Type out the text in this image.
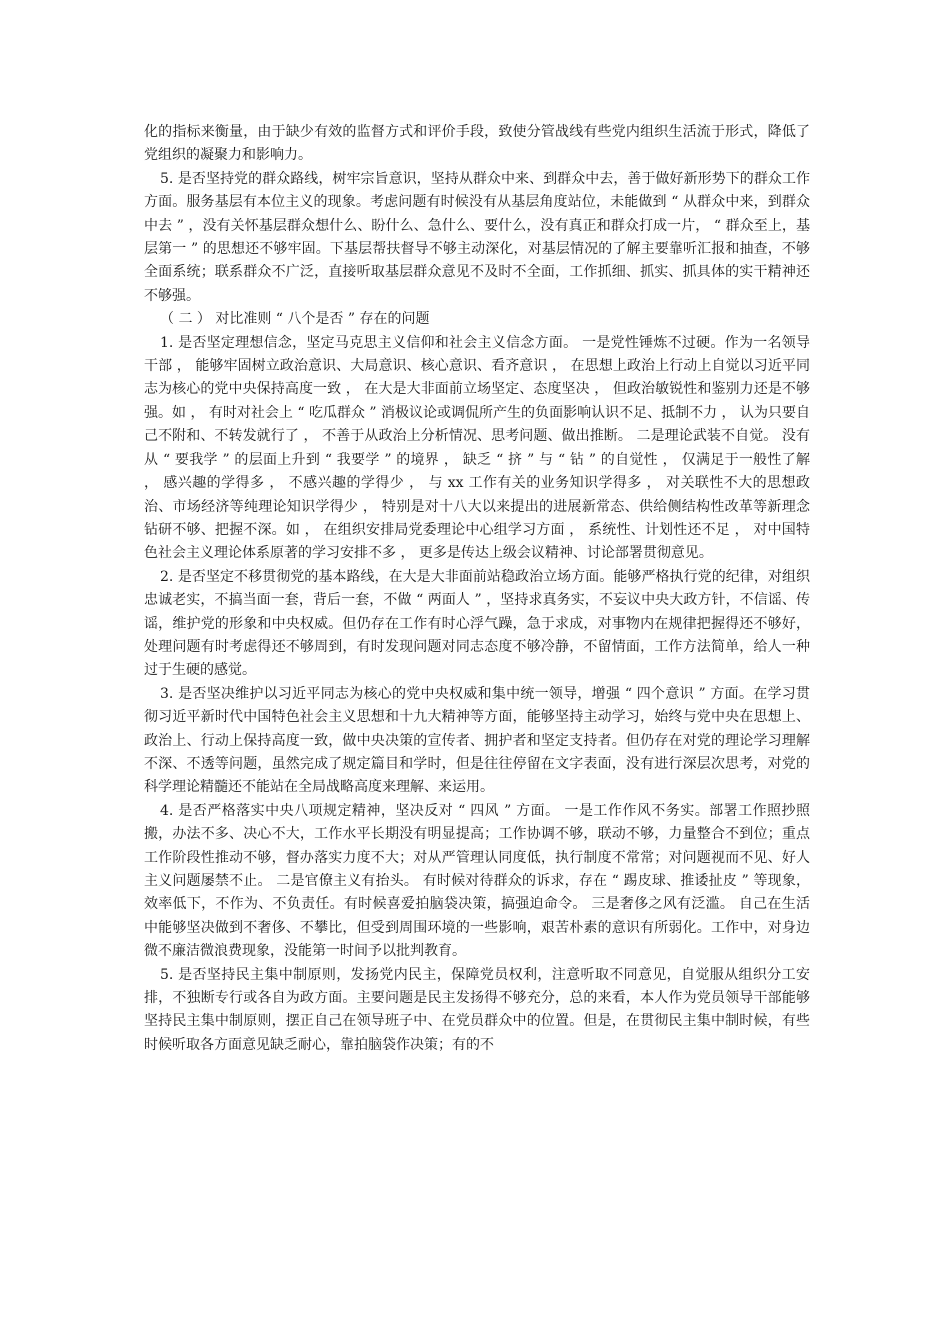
化的指标来衡量，由于缺少有效的监督方式和评价手段，致使分管战线有些党内组织生活流于形式，降低了党组织的凝聚力和影响力。

5. 是否坚持党的群众路线，树牢宗旨意识，坚持从群众中来、到群众中去，善于做好新形势下的群众工作方面。服务基层有本位主义的现象。考虑问题有时候没有从基层角度站位，未能做到 “ 从群众中来，到群众中去 ” ，没有关怀基层群众想什么、盼什么、急什么、要什么，没有真正和群众打成一片， “ 群众至上，基层第一 ” 的思想还不够牢固。下基层帮扶督导不够主动深化，对基层情况的了解主要靠听汇报和抽查，不够全面系统；联系群众不广泛，直接听取基层群众意见不及时不全面，工作抓细、抓实、抓具体的实干精神还不够强。

（ 二 ） 对比准则 “ 八个是否 ” 存在的问题

1. 是否坚定理想信念，坚定马克思主义信仰和社会主义信念方面。 一是党性锤炼不过硬。作为一名领导干部 ， 能够牢固树立政治意识、大局意识、核心意识、看齐意识 ， 在思想上政治上行动上自觉以习近平同志为核心的党中央保持高度一致 ， 在大是大非面前立场坚定、态度坚决 ， 但政治敏锐性和鉴别力还是不够强。如 ， 有时对社会上 “ 吃瓜群众 ” 消极议论或调侃所产生的负面影响认识不足、抵制不力 ， 认为只要自己不附和、不转发就行了 ， 不善于从政治上分析情况、思考问题、做出推断。 二是理论武装不自觉。 没有从 “ 要我学 ” 的层面上升到 “ 我要学 ” 的境界 ， 缺乏 “ 挤 ” 与 “ 钻 ” 的自觉性 ， 仅满足于一般性了解 ， 感兴趣的学得多 ， 不感兴趣的学得少 ， 与 xx 工作有关的业务知识学得多 ， 对关联性不大的思想政治、市场经济等纯理论知识学得少 ， 特别是对十八大以来提出的进展新常态、供给侧结构性改革等新理念钻研不够、把握不深。如 ， 在组织安排局党委理论中心组学习方面 ， 系统性、计划性还不足 ， 对中国特色社会主义理论体系原著的学习安排不多 ， 更多是传达上级会议精神、讨论部署贯彻意见。

2. 是否坚定不移贯彻党的基本路线，在大是大非面前站稳政治立场方面。能够严格执行党的纪律，对组织忠诚老实，不搞当面一套，背后一套，不做 “ 两面人 ” ，坚持求真务实，不妄议中央大政方针，不信谣、传谣，维护党的形象和中央权威。但仍存在工作有时心浮气躁，急于求成，对事物内在规律把握得还不够好，处理问题有时考虑得还不够周到，有时发现问题对同志态度不够冷静，不留情面，工作方法简单，给人一种过于生硬的感觉。

3. 是否坚决维护以习近平同志为核心的党中央权威和集中统一领导，增强 “ 四个意识 ” 方面。在学习贯彻习近平新时代中国特色社会主义思想和十九大精神等方面，能够坚持主动学习，始终与党中央在思想上、政治上、行动上保持高度一致，做中央决策的宣传者、拥护者和坚定支持者。但仍存在对党的理论学习理解不深、不透等问题，虽然完成了规定篇目和学时，但是往往停留在文字表面，没有进行深层次思考，对党的科学理论精髓还不能站在全局战略高度来理解、来运用。

4. 是否严格落实中央八项规定精神，坚决反对 “ 四风 ” 方面。 一是工作作风不务实。部署工作照抄照搬，办法不多、决心不大，工作水平长期没有明显提高；工作协调不够，联动不够，力量整合不到位；重点工作阶段性推动不够，督办落实力度不大；对从严管理认同度低，执行制度不常常；对问题视而不见、好人主义问题屡禁不止。 二是官僚主义有抬头。 有时候对待群众的诉求，存在 “ 踢皮球、推诿扯皮 ” 等现象，效率低下，不作为、不负责任。有时候喜爱拍脑袋决策，搞强迫命令。 三是奢侈之风有泛滥。 自己在生活中能够坚决做到不奢侈、不攀比，但受到周围环境的一些影响，艰苦朴素的意识有所弱化。工作中，对身边微不廉洁微浪费现象，没能第一时间予以批判教育。

5. 是否坚持民主集中制原则，发扬党内民主，保障党员权利，注意听取不同意见，自觉服从组织分工安排，不独断专行或各自为政方面。主要问题是民主发扬得不够充分，总的来看，本人作为党员领导干部能够坚持民主集中制原则，摆正自己在领导班子中、在党员群众中的位置。但是，在贯彻民主集中制时候，有些时候听取各方面意见缺乏耐心，靠拍脑袋作决策；有的不
